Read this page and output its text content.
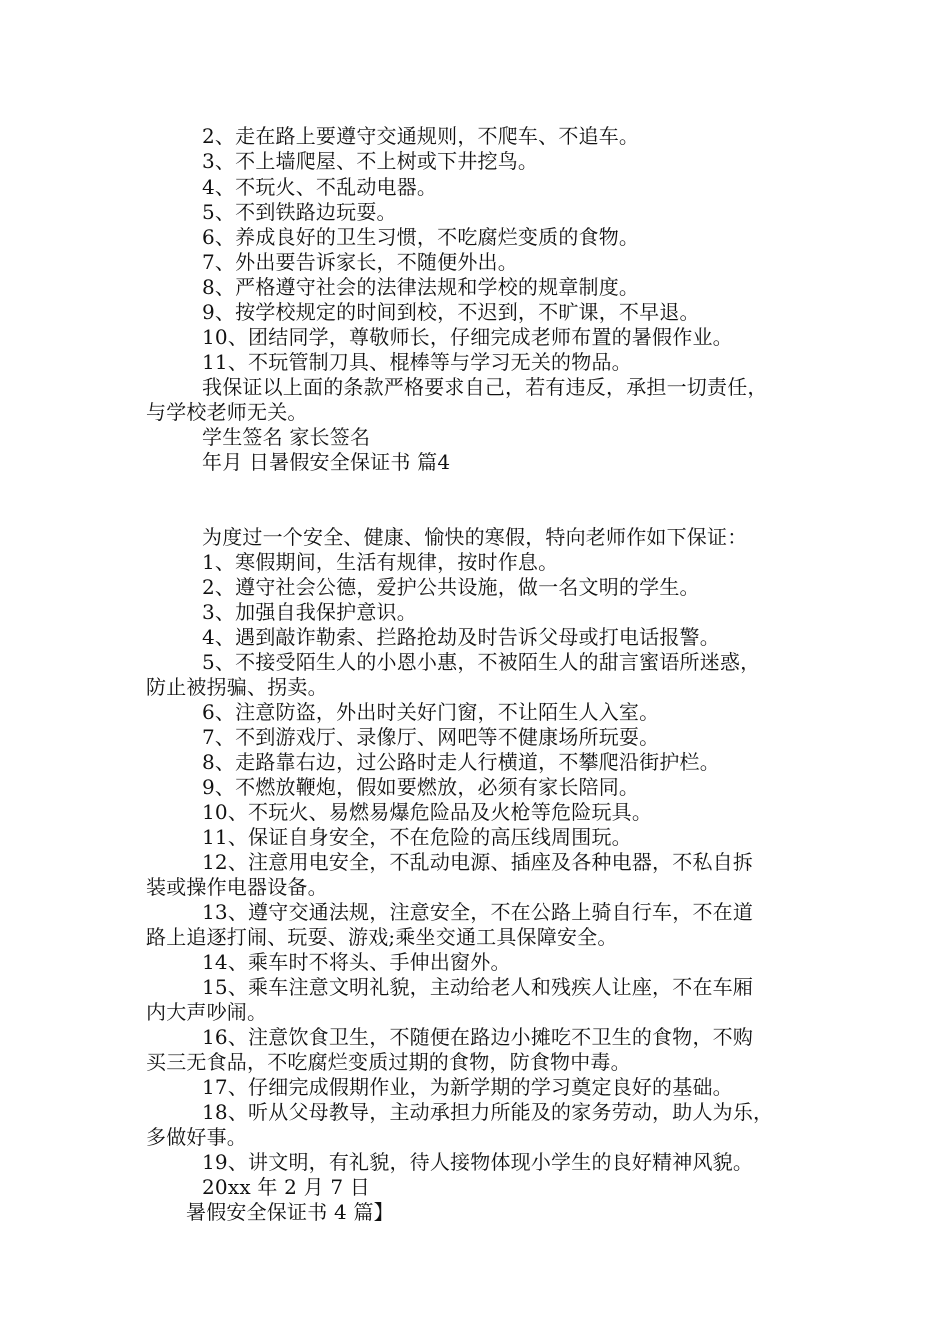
2、走在路上要遵守交通规则，不爬车、不追车。
3、不上墙爬屋、不上树或下井挖鸟。
4、不玩火、不乱动电器。
5、不到铁路边玩耍。
6、养成良好的卫生习惯，不吃腐烂变质的食物。
7、外出要告诉家长，不随便外出。
8、严格遵守社会的法律法规和学校的规章制度。
9、按学校规定的时间到校，不迟到，不旷课，不早退。
10、团结同学，尊敬师长，仔细完成老师布置的暑假作业。
11、不玩管制刀具、棍棒等与学习无关的物品。
我保证以上面的条款严格要求自己，若有违反，承担一切责任，
与学校老师无关。
学生签名 家长签名
年月 日暑假安全保证书 篇4
为度过一个安全、健康、愉快的寒假，特向老师作如下保证：
1、寒假期间，生活有规律，按时作息。
2、遵守社会公德，爱护公共设施，做一名文明的学生。
3、加强自我保护意识。
4、遇到敲诈勒索、拦路抢劫及时告诉父母或打电话报警。
5、不接受陌生人的小恩小惠，不被陌生人的甜言蜜语所迷惑，
防止被拐骗、拐卖。
6、注意防盗，外出时关好门窗，不让陌生人入室。
7、不到游戏厅、录像厅、网吧等不健康场所玩耍。
8、走路靠右边，过公路时走人行横道，不攀爬沿街护栏。
9、不燃放鞭炮，假如要燃放，必须有家长陪同。
10、不玩火、易燃易爆危险品及火枪等危险玩具。
11、保证自身安全，不在危险的高压线周围玩。
12、注意用电安全，不乱动电源、插座及各种电器，不私自拆
装或操作电器设备。
13、遵守交通法规，注意安全，不在公路上骑自行车，不在道
路上追逐打闹、玩耍、游戏;乘坐交通工具保障安全。
14、乘车时不将头、手伸出窗外。
15、乘车注意文明礼貌，主动给老人和残疾人让座，不在车厢
内大声吵闹。
16、注意饮食卫生，不随便在路边小摊吃不卫生的食物，不购
买三无食品，不吃腐烂变质过期的食物，防食物中毒。
17、仔细完成假期作业，为新学期的学习奠定良好的基础。
18、听从父母教导，主动承担力所能及的家务劳动，助人为乐，
多做好事。
19、讲文明，有礼貌，待人接物体现小学生的良好精神风貌。
20xx 年 2 月 7 日
暑假安全保证书 4 篇】
